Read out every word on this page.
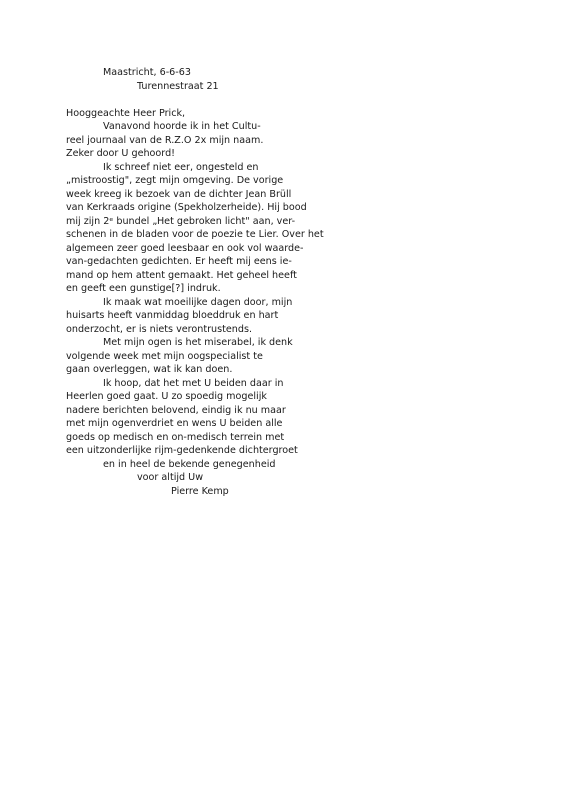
Maastricht, 6-6-63
Turennestraat 21
Hooggeachte Heer Prick,
Vanavond hoorde ik in het Cultu-
reel journaal van de R.Z.O 2x mijn naam.
Zeker door U gehoord!
Ik schreef niet eer, ongesteld en
„mistroostig", zegt mijn omgeving. De vorige
week kreeg ik bezoek van de dichter Jean Brüll
van Kerkraads origine (Spekholzerheide). Hij bood
mij zijn 2ᵉ bundel „Het gebroken licht" aan, ver-
schenen in de bladen voor de poezie te Lier. Over het
algemeen zeer goed leesbaar en ook vol waarde-
van-gedachten gedichten. Er heeft mij eens ie-
mand op hem attent gemaakt. Het geheel heeft
en geeft een gunstige[?] indruk.
Ik maak wat moeilijke dagen door, mijn
huisarts heeft vanmiddag bloeddruk en hart
onderzocht, er is niets verontrustends.
Met mijn ogen is het miserabel, ik denk
volgende week met mijn oogspecialist te
gaan overleggen, wat ik kan doen.
Ik hoop, dat het met U beiden daar in
Heerlen goed gaat. U zo spoedig mogelijk
nadere berichten belovend, eindig ik nu maar
met mijn ogenverdriet en wens U beiden alle
goeds op medisch en on-medisch terrein met
een uitzonderlijke rijm-gedenkende dichtergroet
en in heel de bekende genegenheid
voor altijd Uw
Pierre Kemp
